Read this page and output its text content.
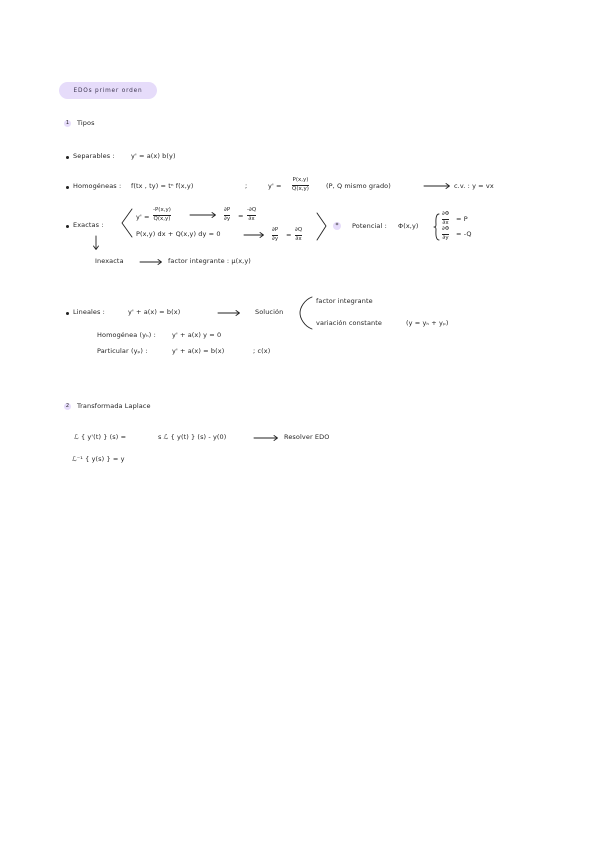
EDOs primer orden
1 Tipos
Separables :	y' = a(x) b(y)
Homogéneas : f(tx , ty) = tⁿ f(x,y)	;	y' =
P(x,y)
Q(x,y)	(P, Q mismo grado)	c.v. : y = vx
Exactas :
y' =
-P(x,y)
Q(x,y)
∂P
∂y =
-∂Q
∂x
P(x,y) dx + Q(x,y) dy = 0	∂P
∂y =
∂Q
∂x
*	Potencial : Φ(x,y)
∂Φ
∂x = P
∂Φ
∂y = -Q
Inexacta	factor integrante : μ(x,y)
Lineales :	y' + a(x) = b(x)	Solución
factor integrante
variación constante	(y = yₕ + yₚ)
Homogénea (yₕ) : y' + a(x) y = 0
Particular (yₚ) :	y' + a(x) = b(x)	; c(x)
2 Transformada Laplace
ℒ { y'(t) } (s) =	s ℒ { y(t) } (s) - y(0)	Resolver EDO
ℒ⁻¹ { y(s) } = y
